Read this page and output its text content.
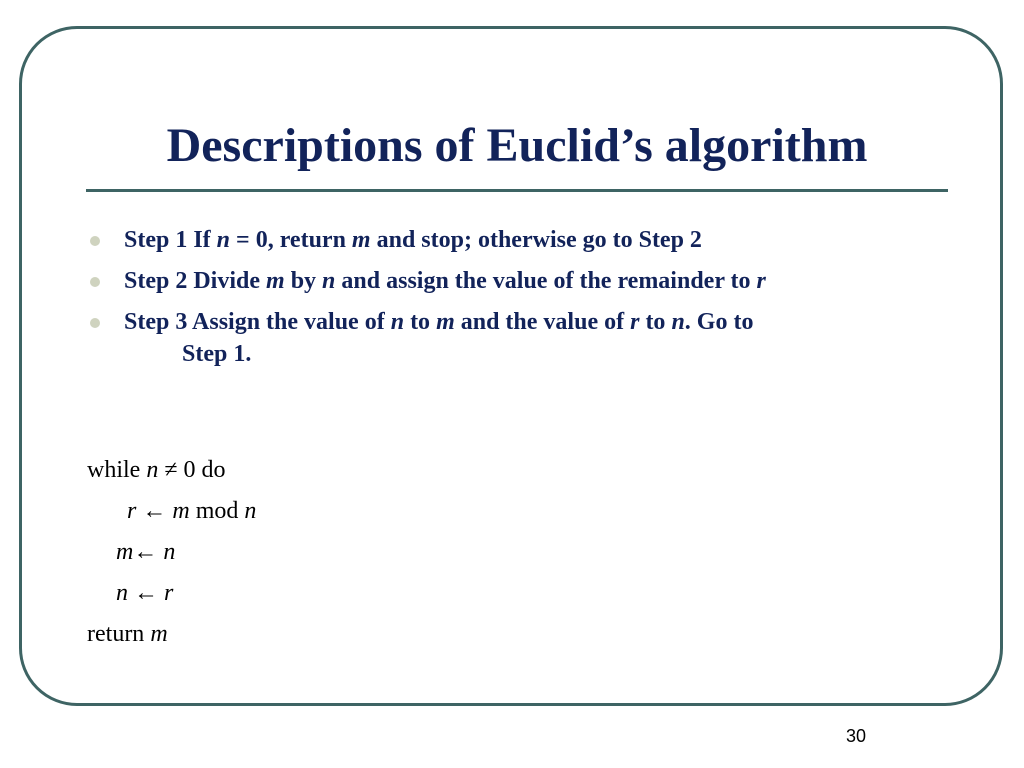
Descriptions of Euclid’s algorithm
Step 1 If n = 0, return m and stop; otherwise go to Step 2
Step 2 Divide m by n and assign the value of the remainder to r
Step 3 Assign the value of n to m and the value of r to n. Go to
Step 1.
while n ≠ 0 do
r ← m mod n
m← n
n ← r
return m
30
